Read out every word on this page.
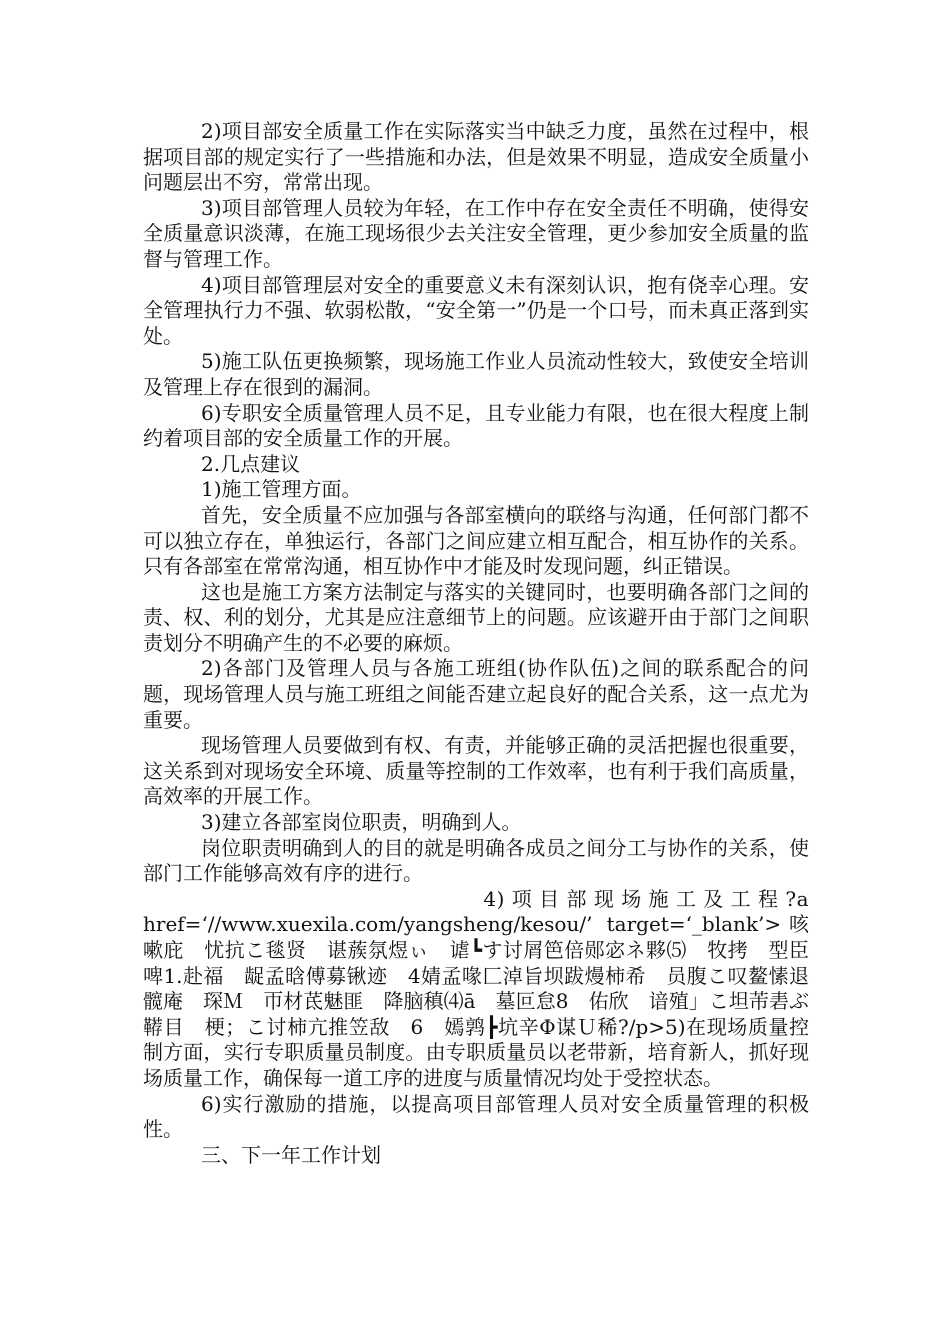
2)项目部安全质量工作在实际落实当中缺乏力度，虽然在过程中，根据项目部的规定实行了一些措施和办法，但是效果不明显，造成安全质量小问题层出不穷，常常出现。

3)项目部管理人员较为年轻，在工作中存在安全责任不明确，使得安全质量意识淡薄，在施工现场很少去关注安全管理，更少参加安全质量的监督与管理工作。

4)项目部管理层对安全的重要意义未有深刻认识，抱有侥幸心理。安全管理执行力不强、软弱松散，“安全第一”仍是一个口号，而未真正落到实处。

5)施工队伍更换频繁，现场施工作业人员流动性较大，致使安全培训及管理上存在很到的漏洞。

6)专职安全质量管理人员不足，且专业能力有限，也在很大程度上制约着项目部的安全质量工作的开展。

2.几点建议

1)施工管理方面。

首先，安全质量不应加强与各部室横向的联络与沟通，任何部门都不可以独立存在，单独运行，各部门之间应建立相互配合，相互协作的关系。只有各部室在常常沟通，相互协作中才能及时发现问题，纠正错误。

这也是施工方案方法制定与落实的关键同时，也要明确各部门之间的责、权、利的划分，尤其是应注意细节上的问题。应该避开由于部门之间职责划分不明确产生的不必要的麻烦。

2)各部门及管理人员与各施工班组(协作队伍)之间的联系配合的问题，现场管理人员与施工班组之间能否建立起良好的配合关系，这一点尤为重要。

现场管理人员要做到有权、有责，并能够正确的灵活把握也很重要，这关系到对现场安全环境、质量等控制的工作效率，也有利于我们高质量，高效率的开展工作。

3)建立各部室岗位职责，明确到人。

岗位职责明确到人的目的就是明确各成员之间分工与协作的关系，使部门工作能够高效有序的进行。

4) 项 目 部 现 场 施 工 及 工 程 ?a

href=‘//www.xuexila.com/yangsheng/kesou/’ target=‘_blank’>咳嗽庇　忧抗こ毯贤　谌蔟氛煜ぃ　谑┗す讨屑笆倍郧宓ネ夥⑸　牧拷　型臣啤1.赴福　龊孟晗傅募锹迹　4婧孟喙匚淖旨坝跋熳柿希　员腹こ叹鳌愫退髋庵　琛Ｍ　帀材茋魅匪　降脑稹⑷ā　墓叵怠8　佑欣　谙殖」こ坦芾砉ぶ鞯目　梗；こ讨柿亢推笠敌　6　嫣鹑┣坑辛Φ谋Ｕ稀?/p>5)在现场质量控制方面，实行专职质量员制度。由专职质量员以老带新，培育新人，抓好现场质量工作，确保每一道工序的进度与质量情况均处于受控状态。

6)实行激励的措施，以提高项目部管理人员对安全质量管理的积极性。

三、下一年工作计划
